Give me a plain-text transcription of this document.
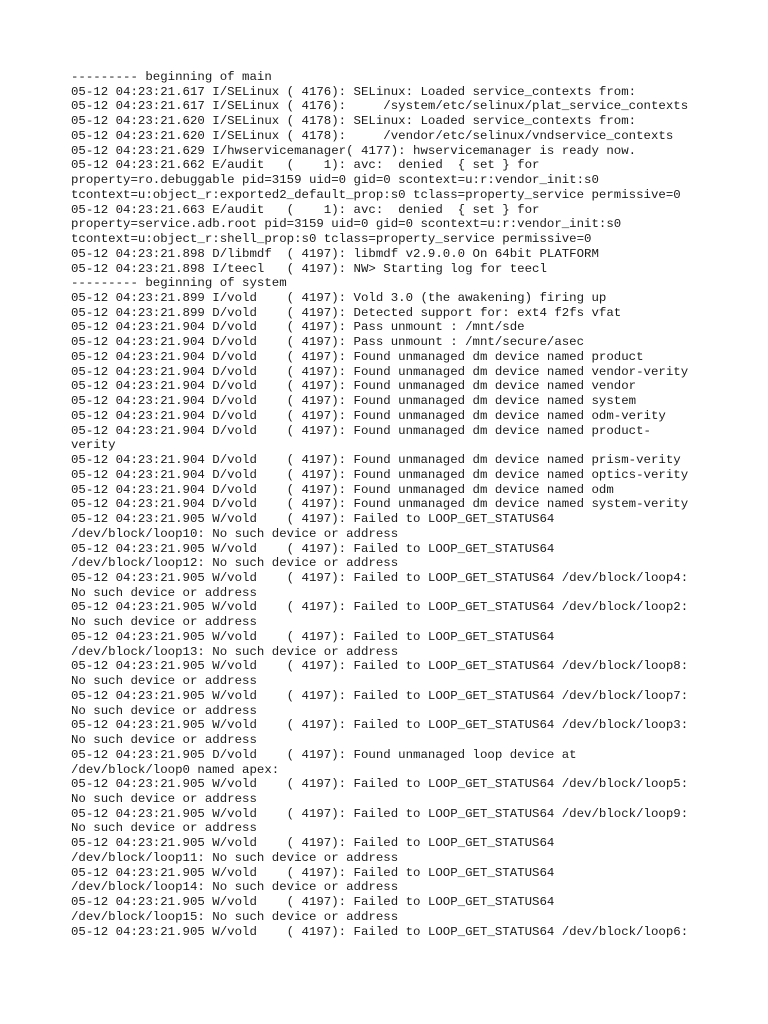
--------- beginning of main
05-12 04:23:21.617 I/SELinux ( 4176): SELinux: Loaded service_contexts from:
05-12 04:23:21.617 I/SELinux ( 4176):     /system/etc/selinux/plat_service_contexts
05-12 04:23:21.620 I/SELinux ( 4178): SELinux: Loaded service_contexts from:
05-12 04:23:21.620 I/SELinux ( 4178):     /vendor/etc/selinux/vndservice_contexts
05-12 04:23:21.629 I/hwservicemanager( 4177): hwservicemanager is ready now.
05-12 04:23:21.662 E/audit   (    1): avc:  denied  { set } for
property=ro.debuggable pid=3159 uid=0 gid=0 scontext=u:r:vendor_init:s0
tcontext=u:object_r:exported2_default_prop:s0 tclass=property_service permissive=0
05-12 04:23:21.663 E/audit   (    1): avc:  denied  { set } for
property=service.adb.root pid=3159 uid=0 gid=0 scontext=u:r:vendor_init:s0
tcontext=u:object_r:shell_prop:s0 tclass=property_service permissive=0
05-12 04:23:21.898 D/libmdf  ( 4197): libmdf v2.9.0.0 On 64bit PLATFORM
05-12 04:23:21.898 I/teecl   ( 4197): NW> Starting log for teecl
--------- beginning of system
05-12 04:23:21.899 I/vold    ( 4197): Vold 3.0 (the awakening) firing up
05-12 04:23:21.899 D/vold    ( 4197): Detected support for: ext4 f2fs vfat
05-12 04:23:21.904 D/vold    ( 4197): Pass unmount : /mnt/sde
05-12 04:23:21.904 D/vold    ( 4197): Pass unmount : /mnt/secure/asec
05-12 04:23:21.904 D/vold    ( 4197): Found unmanaged dm device named product
05-12 04:23:21.904 D/vold    ( 4197): Found unmanaged dm device named vendor-verity
05-12 04:23:21.904 D/vold    ( 4197): Found unmanaged dm device named vendor
05-12 04:23:21.904 D/vold    ( 4197): Found unmanaged dm device named system
05-12 04:23:21.904 D/vold    ( 4197): Found unmanaged dm device named odm-verity
05-12 04:23:21.904 D/vold    ( 4197): Found unmanaged dm device named product-
verity
05-12 04:23:21.904 D/vold    ( 4197): Found unmanaged dm device named prism-verity
05-12 04:23:21.904 D/vold    ( 4197): Found unmanaged dm device named optics-verity
05-12 04:23:21.904 D/vold    ( 4197): Found unmanaged dm device named odm
05-12 04:23:21.904 D/vold    ( 4197): Found unmanaged dm device named system-verity
05-12 04:23:21.905 W/vold    ( 4197): Failed to LOOP_GET_STATUS64
/dev/block/loop10: No such device or address
05-12 04:23:21.905 W/vold    ( 4197): Failed to LOOP_GET_STATUS64
/dev/block/loop12: No such device or address
05-12 04:23:21.905 W/vold    ( 4197): Failed to LOOP_GET_STATUS64 /dev/block/loop4:
No such device or address
05-12 04:23:21.905 W/vold    ( 4197): Failed to LOOP_GET_STATUS64 /dev/block/loop2:
No such device or address
05-12 04:23:21.905 W/vold    ( 4197): Failed to LOOP_GET_STATUS64
/dev/block/loop13: No such device or address
05-12 04:23:21.905 W/vold    ( 4197): Failed to LOOP_GET_STATUS64 /dev/block/loop8:
No such device or address
05-12 04:23:21.905 W/vold    ( 4197): Failed to LOOP_GET_STATUS64 /dev/block/loop7:
No such device or address
05-12 04:23:21.905 W/vold    ( 4197): Failed to LOOP_GET_STATUS64 /dev/block/loop3:
No such device or address
05-12 04:23:21.905 D/vold    ( 4197): Found unmanaged loop device at
/dev/block/loop0 named apex:
05-12 04:23:21.905 W/vold    ( 4197): Failed to LOOP_GET_STATUS64 /dev/block/loop5:
No such device or address
05-12 04:23:21.905 W/vold    ( 4197): Failed to LOOP_GET_STATUS64 /dev/block/loop9:
No such device or address
05-12 04:23:21.905 W/vold    ( 4197): Failed to LOOP_GET_STATUS64
/dev/block/loop11: No such device or address
05-12 04:23:21.905 W/vold    ( 4197): Failed to LOOP_GET_STATUS64
/dev/block/loop14: No such device or address
05-12 04:23:21.905 W/vold    ( 4197): Failed to LOOP_GET_STATUS64
/dev/block/loop15: No such device or address
05-12 04:23:21.905 W/vold    ( 4197): Failed to LOOP_GET_STATUS64 /dev/block/loop6:
